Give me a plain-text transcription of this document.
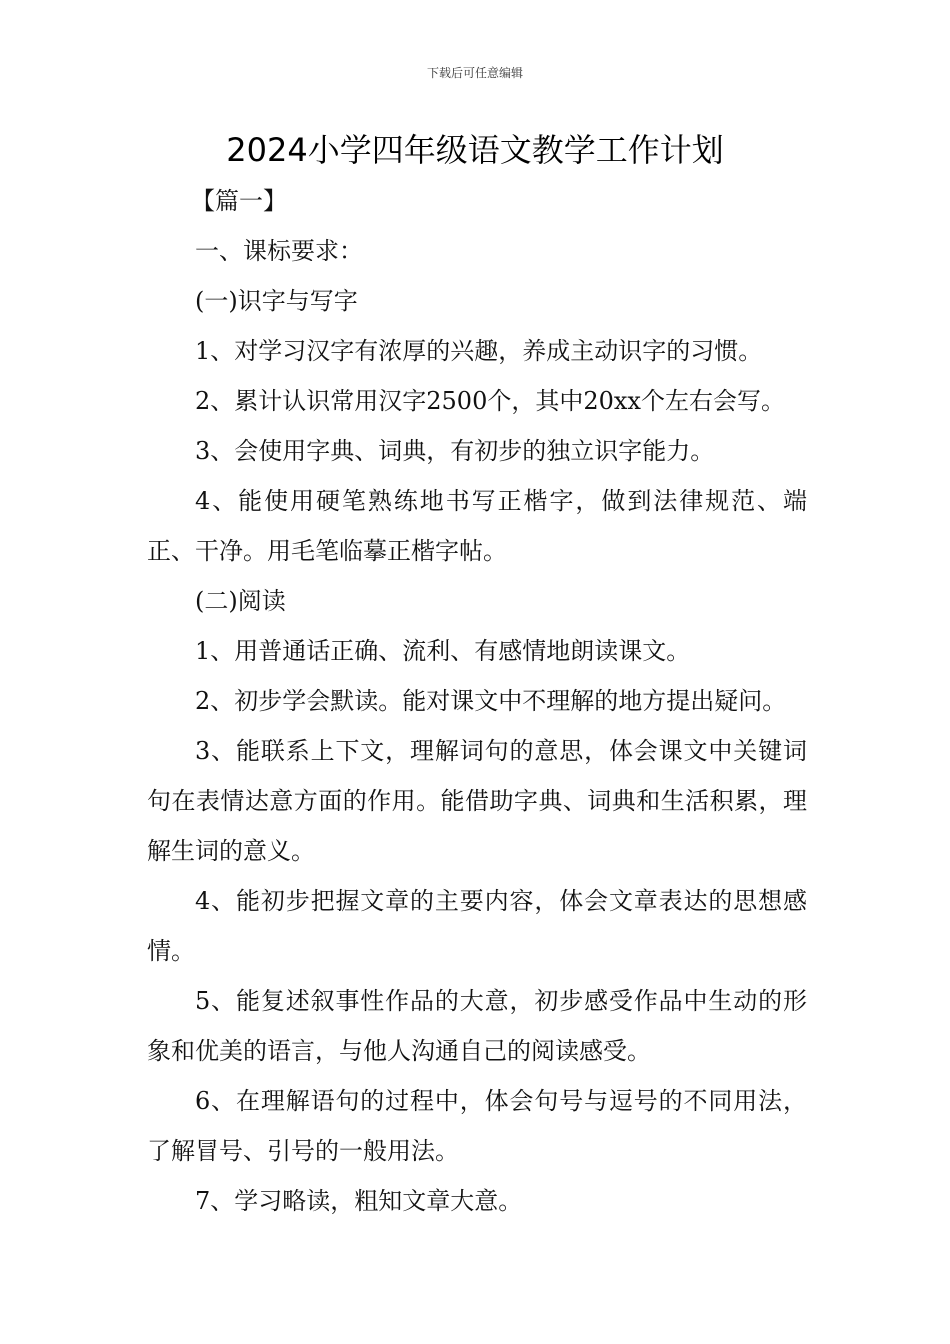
下载后可任意编辑
2024小学四年级语文教学工作计划

【篇一】

一、课标要求：

(一)识字与写字

1、对学习汉字有浓厚的兴趣，养成主动识字的习惯。

2、累计认识常用汉字2500个，其中20xx个左右会写。

3、会使用字典、词典，有初步的独立识字能力。

4、能使用硬笔熟练地书写正楷字，做到法律规范、端正、干净。用毛笔临摹正楷字帖。

(二)阅读

1、用普通话正确、流利、有感情地朗读课文。

2、初步学会默读。能对课文中不理解的地方提出疑问。

3、能联系上下文，理解词句的意思，体会课文中关键词句在表情达意方面的作用。能借助字典、词典和生活积累，理解生词的意义。

4、能初步把握文章的主要内容，体会文章表达的思想感情。

5、能复述叙事性作品的大意，初步感受作品中生动的形象和优美的语言，与他人沟通自己的阅读感受。

6、在理解语句的过程中，体会句号与逗号的不同用法，了解冒号、引号的一般用法。

7、学习略读，粗知文章大意。
